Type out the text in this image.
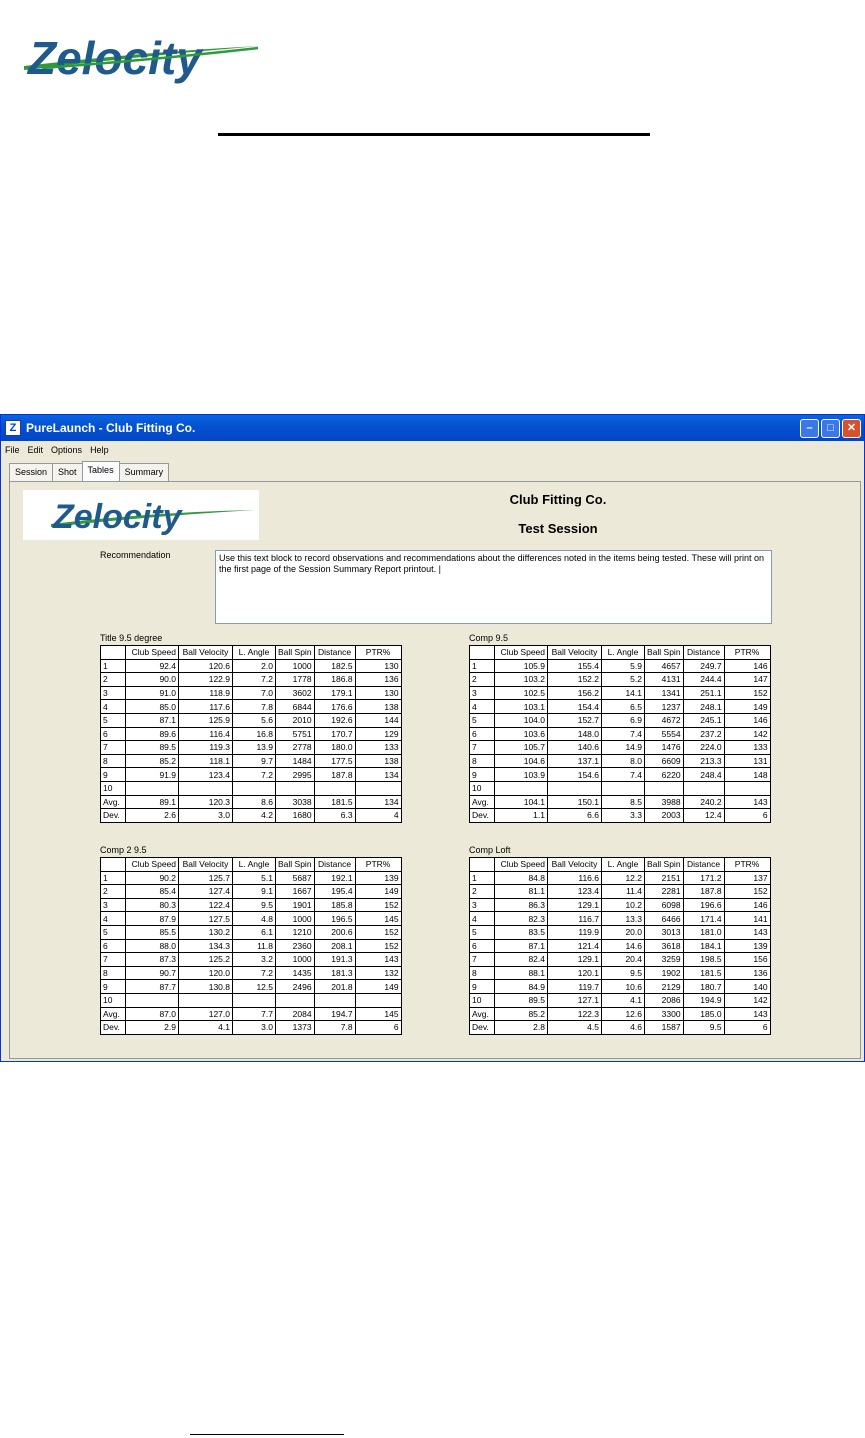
Zelocity
Z PureLaunch - Club Fitting Co.	–	□	✕
File Edit Options Help
Session	Shot	Tables	Summary
Zelocity	Club Fitting Co.
Test Session
Recommendation	Use this text block to record observations and recommendations about the differences noted in the items being tested. These will print on the first page of the Session Summary Report printout. |
Title 9.5 degree
	Club Speed	Ball Velocity	L. Angle	Ball Spin	Distance	PTR%
1	92.4	120.6	2.0	1000	182.5	130
2	90.0	122.9	7.2	1778	186.8	136
3	91.0	118.9	7.0	3602	179.1	130
4	85.0	117.6	7.8	6844	176.6	138
5	87.1	125.9	5.6	2010	192.6	144
6	89.6	116.4	16.8	5751	170.7	129
7	89.5	119.3	13.9	2778	180.0	133
8	85.2	118.1	9.7	1484	177.5	138
9	91.9	123.4	7.2	2995	187.8	134
10						
Avg.	89.1	120.3	8.6	3038	181.5	134
Dev.	2.6	3.0	4.2	1680	6.3	4
Comp 9.5
	Club Speed	Ball Velocity	L. Angle	Ball Spin	Distance	PTR%
1	105.9	155.4	5.9	4657	249.7	146
2	103.2	152.2	5.2	4131	244.4	147
3	102.5	156.2	14.1	1341	251.1	152
4	103.1	154.4	6.5	1237	248.1	149
5	104.0	152.7	6.9	4672	245.1	146
6	103.6	148.0	7.4	5554	237.2	142
7	105.7	140.6	14.9	1476	224.0	133
8	104.6	137.1	8.0	6609	213.3	131
9	103.9	154.6	7.4	6220	248.4	148
10						
Avg.	104.1	150.1	8.5	3988	240.2	143
Dev.	1.1	6.6	3.3	2003	12.4	6
Comp 2 9.5
	Club Speed	Ball Velocity	L. Angle	Ball Spin	Distance	PTR%
1	90.2	125.7	5.1	5687	192.1	139
2	85.4	127.4	9.1	1667	195.4	149
3	80.3	122.4	9.5	1901	185.8	152
4	87.9	127.5	4.8	1000	196.5	145
5	85.5	130.2	6.1	1210	200.6	152
6	88.0	134.3	11.8	2360	208.1	152
7	87.3	125.2	3.2	1000	191.3	143
8	90.7	120.0	7.2	1435	181.3	132
9	87.7	130.8	12.5	2496	201.8	149
10						
Avg.	87.0	127.0	7.7	2084	194.7	145
Dev.	2.9	4.1	3.0	1373	7.8	6
Comp Loft
	Club Speed	Ball Velocity	L. Angle	Ball Spin	Distance	PTR%
1	84.8	116.6	12.2	2151	171.2	137
2	81.1	123.4	11.4	2281	187.8	152
3	86.3	129.1	10.2	6098	196.6	146
4	82.3	116.7	13.3	6466	171.4	141
5	83.5	119.9	20.0	3013	181.0	143
6	87.1	121.4	14.6	3618	184.1	139
7	82.4	129.1	20.4	3259	198.5	156
8	88.1	120.1	9.5	1902	181.5	136
9	84.9	119.7	10.6	2129	180.7	140
10	89.5	127.1	4.1	2086	194.9	142
Avg.	85.2	122.3	12.6	3300	185.0	143
Dev.	2.8	4.5	4.6	1587	9.5	6
